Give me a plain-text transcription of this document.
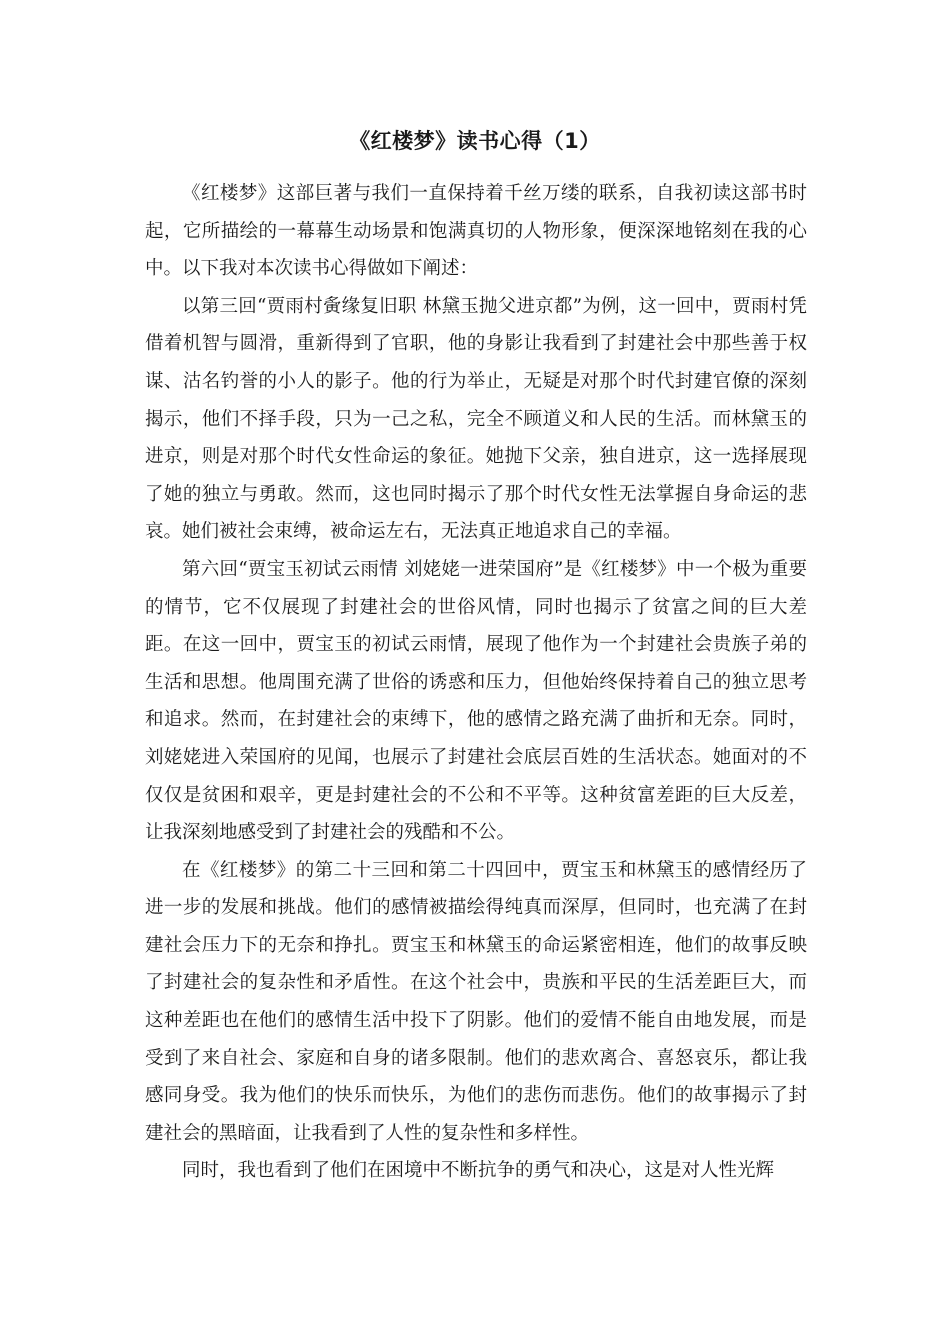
《红楼梦》读书心得（1）

《红楼梦》这部巨著与我们一直保持着千丝万缕的联系，自我初读这部书时起，它所描绘的一幕幕生动场景和饱满真切的人物形象，便深深地铭刻在我的心中。以下我对本次读书心得做如下阐述：

以第三回“贾雨村夤缘复旧职 林黛玉抛父进京都”为例，这一回中，贾雨村凭借着机智与圆滑，重新得到了官职，他的身影让我看到了封建社会中那些善于权谋、沽名钓誉的小人的影子。他的行为举止，无疑是对那个时代封建官僚的深刻揭示，他们不择手段，只为一己之私，完全不顾道义和人民的生活。而林黛玉的进京，则是对那个时代女性命运的象征。她抛下父亲，独自进京，这一选择展现了她的独立与勇敢。然而，这也同时揭示了那个时代女性无法掌握自身命运的悲哀。她们被社会束缚，被命运左右，无法真正地追求自己的幸福。

第六回“贾宝玉初试云雨情 刘姥姥一进荣国府”是《红楼梦》中一个极为重要的情节，它不仅展现了封建社会的世俗风情，同时也揭示了贫富之间的巨大差距。在这一回中，贾宝玉的初试云雨情，展现了他作为一个封建社会贵族子弟的生活和思想。他周围充满了世俗的诱惑和压力，但他始终保持着自己的独立思考和追求。然而，在封建社会的束缚下，他的感情之路充满了曲折和无奈。同时，刘姥姥进入荣国府的见闻，也展示了封建社会底层百姓的生活状态。她面对的不仅仅是贫困和艰辛，更是封建社会的不公和不平等。这种贫富差距的巨大反差，让我深刻地感受到了封建社会的残酷和不公。

在《红楼梦》的第二十三回和第二十四回中，贾宝玉和林黛玉的感情经历了进一步的发展和挑战。他们的感情被描绘得纯真而深厚，但同时，也充满了在封建社会压力下的无奈和挣扎。贾宝玉和林黛玉的命运紧密相连，他们的故事反映了封建社会的复杂性和矛盾性。在这个社会中，贵族和平民的生活差距巨大，而这种差距也在他们的感情生活中投下了阴影。他们的爱情不能自由地发展，而是受到了来自社会、家庭和自身的诸多限制。他们的悲欢离合、喜怒哀乐，都让我感同身受。我为他们的快乐而快乐，为他们的悲伤而悲伤。他们的故事揭示了封建社会的黑暗面，让我看到了人性的复杂性和多样性。

同时，我也看到了他们在困境中不断抗争的勇气和决心，这是对人性光辉
